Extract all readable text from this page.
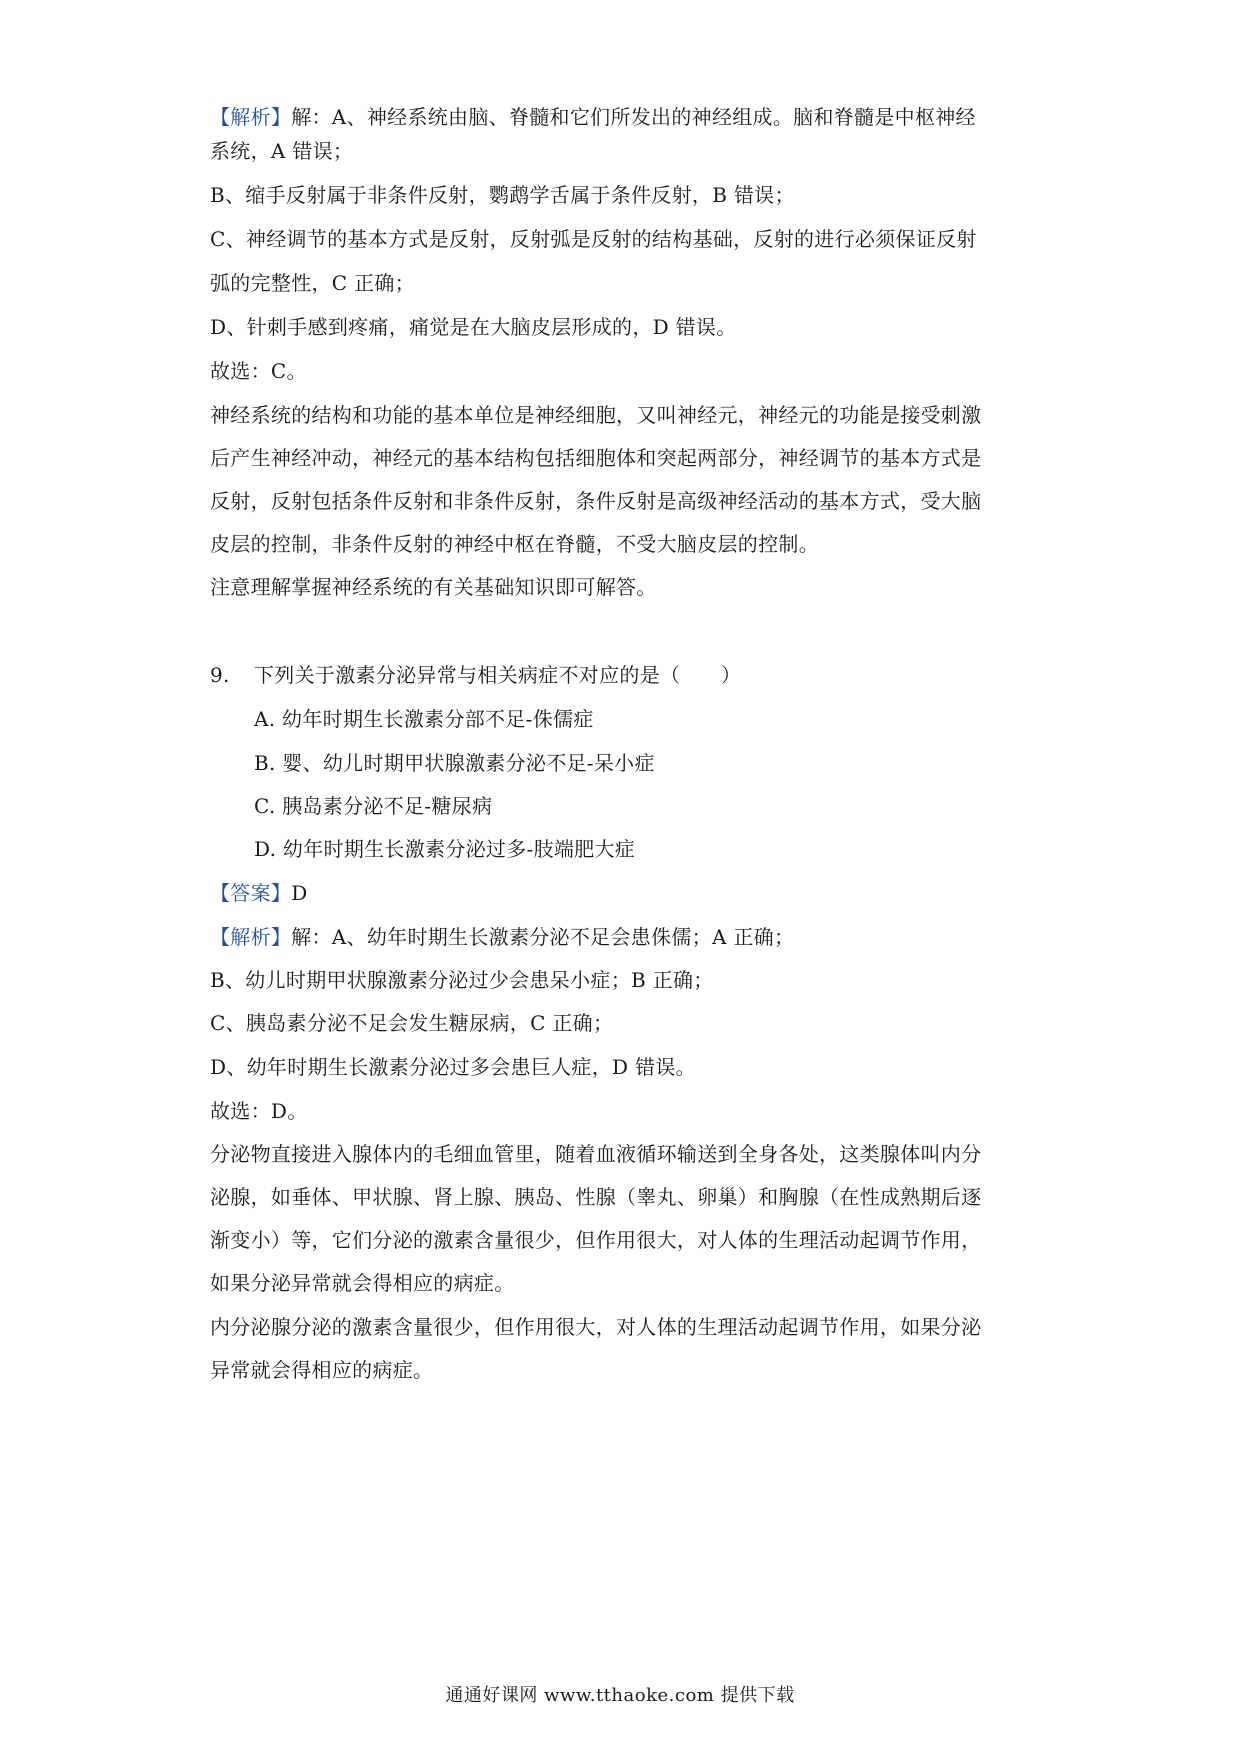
【解析】解：A、神经系统由脑、脊髓和它们所发出的神经组成。脑和脊髓是中枢神经
系统，A 错误；
B、缩手反射属于非条件反射，鹦鹉学舌属于条件反射，B 错误；
C、神经调节的基本方式是反射，反射弧是反射的结构基础，反射的进行必须保证反射
弧的完整性，C 正确；
D、针刺手感到疼痛，痛觉是在大脑皮层形成的，D 错误。
故选：C。
神经系统的结构和功能的基本单位是神经细胞，又叫神经元，神经元的功能是接受刺激
后产生神经冲动，神经元的基本结构包括细胞体和突起两部分，神经调节的基本方式是
反射，反射包括条件反射和非条件反射，条件反射是高级神经活动的基本方式，受大脑
皮层的控制，非条件反射的神经中枢在脊髓，不受大脑皮层的控制。
注意理解掌握神经系统的有关基础知识即可解答。
9. 下列关于激素分泌异常与相关病症不对应的是（　　）
A. 幼年时期生长激素分部不足-侏儒症
B. 婴、幼儿时期甲状腺激素分泌不足-呆小症
C. 胰岛素分泌不足-糖尿病
D. 幼年时期生长激素分泌过多-肢端肥大症
【答案】D
【解析】解：A、幼年时期生长激素分泌不足会患侏儒；A 正确；
B、幼儿时期甲状腺激素分泌过少会患呆小症；B 正确；
C、胰岛素分泌不足会发生糖尿病，C 正确；
D、幼年时期生长激素分泌过多会患巨人症，D 错误。
故选：D。
分泌物直接进入腺体内的毛细血管里，随着血液循环输送到全身各处，这类腺体叫内分
泌腺，如垂体、甲状腺、肾上腺、胰岛、性腺（睾丸、卵巢）和胸腺（在性成熟期后逐
渐变小）等，它们分泌的激素含量很少，但作用很大，对人体的生理活动起调节作用，
如果分泌异常就会得相应的病症。
内分泌腺分泌的激素含量很少，但作用很大，对人体的生理活动起调节作用，如果分泌
异常就会得相应的病症。
通通好课网 www.tthaoke.com 提供下载
